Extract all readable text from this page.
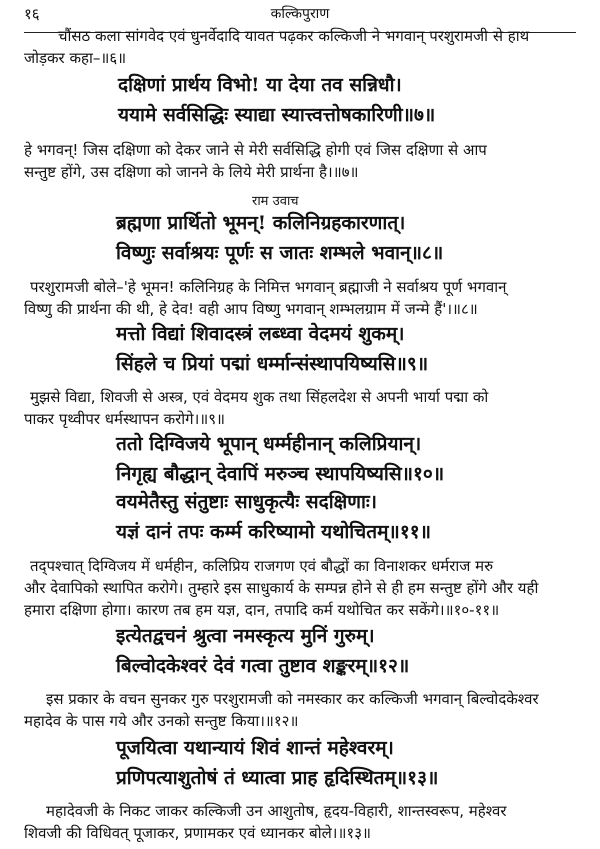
१६	कल्किपुराण
चौंसठ कला सांगवेद एवं धुनर्वेदादि यावत पढ़कर कल्किजी ने भगवान् परशुरामजी से हाथ
जोड़कर कहा–॥६॥
दक्षिणां प्रार्थय विभो! या देया तव सन्निधौ।
ययामे सर्वसिद्धिः स्याद्या स्यात्त्वत्तोषकारिणी॥७॥
हे भगवन्! जिस दक्षिणा को देकर जाने से मेरी सर्वसिद्धि होगी एवं जिस दक्षिणा से आप
सन्तुष्ट होंगे, उस दक्षिणा को जानने के लिये मेरी प्रार्थना है।॥७॥
राम उवाच
ब्रह्मणा प्रार्थितो भूमन्! कलिनिग्रहकारणात्।
विष्णुः सर्वाश्रयः पूर्णः स जातः शम्भले भवान्॥८॥
परशुरामजी बोले–'हे भूमन! कलिनिग्रह के निमित्त भगवान् ब्रह्माजी ने सर्वाश्रय पूर्ण भगवान्
विष्णु की प्रार्थना की थी, हे देव! वही आप विष्णु भगवान् शम्भलग्राम में जन्मे हैं'।॥८॥
मत्तो विद्यां शिवादस्त्रं लब्ध्वा वेदमयं शुकम्।
सिंहले च प्रियां पद्मां धर्म्मान्संस्थापयिष्यसि॥९॥
मुझसे विद्या, शिवजी से अस्त्र, एवं वेदमय शुक तथा सिंहलदेश से अपनी भार्या पद्मा को
पाकर पृथ्वीपर धर्मस्थापन करोगे।॥९॥
ततो दिग्विजये भूपान् धर्म्महीनान् कलिप्रियान्।
निगृह्य बौद्धान् देवापिं मरुञ्च स्थापयिष्यसि॥१०॥
वयमेतैस्तु संतुष्टाः साधुकृत्यैः सदक्षिणाः।
यज्ञं दानं तपः कर्म्म करिष्यामो यथोचितम्॥११॥
तद्पश्चात् दिग्विजय में धर्महीन, कलिप्रिय राजगण एवं बौद्धों का विनाशकर धर्मराज मरु
और देवापिको स्थापित करोगे। तुम्हारे इस साधुकार्य के सम्पन्न होने से ही हम सन्तुष्ट होंगे और यही
हमारा दक्षिणा होगा। कारण तब हम यज्ञ, दान, तपादि कर्म यथोचित कर सकेंगे।॥१०-११॥
इत्येतद्वचनं श्रुत्वा नमस्कृत्य मुनिं गुरुम्।
बिल्वोदकेश्वरं देवं गत्वा तुष्टाव शङ्करम्॥१२॥
इस प्रकार के वचन सुनकर गुरु परशुरामजी को नमस्कार कर कल्किजी भगवान् बिल्वोदकेश्वर
महादेव के पास गये और उनको सन्तुष्ट किया।॥१२॥
पूजयित्वा यथान्यायं शिवं शान्तं महेश्वरम्।
प्रणिपत्याशुतोषं तं ध्यात्वा प्राह हृदिस्थितम्॥१३॥
महादेवजी के निकट जाकर कल्किजी उन आशुतोष, हृदय-विहारी, शान्तस्वरूप, महेश्वर
शिवजी की विधिवत् पूजाकर, प्रणामकर एवं ध्यानकर बोले।॥१३॥
